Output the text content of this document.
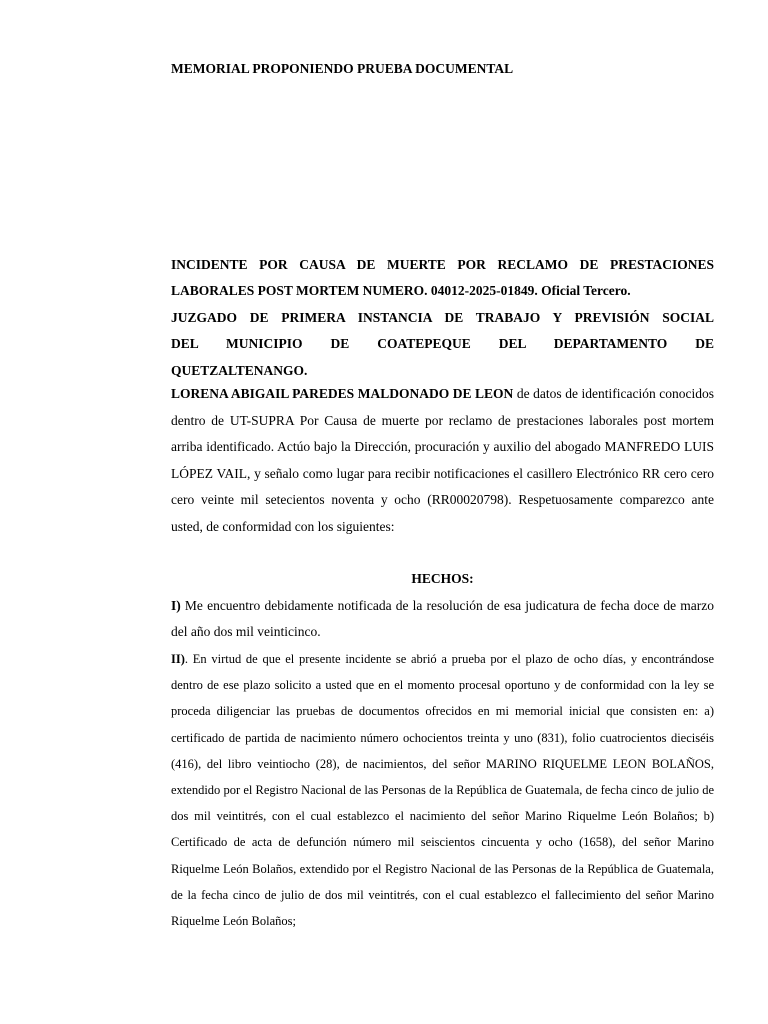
MEMORIAL PROPONIENDO PRUEBA DOCUMENTAL

INCIDENTE POR CAUSA DE MUERTE POR RECLAMO DE PRESTACIONES
LABORALES POST MORTEM NUMERO. 04012-2025-01849. Oficial Tercero.
JUZGADO DE PRIMERA INSTANCIA DE TRABAJO Y PREVISIÓN SOCIAL
DEL MUNICIPIO DE COATEPEQUE DEL DEPARTAMENTO DE
QUETZALTENANGO.

LORENA ABIGAIL PAREDES MALDONADO DE LEON de datos de identificación conocidos dentro de UT-SUPRA Por Causa de muerte por reclamo de prestaciones laborales post mortem arriba identificado. Actúo bajo la Dirección, procuración y auxilio del abogado MANFREDO LUIS LÓPEZ VAIL, y señalo como lugar para recibir notificaciones el casillero Electrónico RR cero cero cero veinte mil setecientos noventa y ocho (RR00020798). Respetuosamente comparezco ante usted, de conformidad con los siguientes:

HECHOS:

I) Me encuentro debidamente notificada de la resolución de esa judicatura de fecha doce de marzo del año dos mil veinticinco.

II). En virtud de que el presente incidente se abrió a prueba por el plazo de ocho días, y encontrándose dentro de ese plazo solicito a usted que en el momento procesal oportuno y de conformidad con la ley se proceda diligenciar las pruebas de documentos ofrecidos en mi memorial inicial que consisten en: a) certificado de partida de nacimiento número ochocientos treinta y uno (831), folio cuatrocientos dieciséis (416), del libro veintiocho (28), de nacimientos, del señor MARINO RIQUELME LEON BOLAÑOS, extendido por el Registro Nacional de las Personas de la República de Guatemala, de fecha cinco de julio de dos mil veintitrés, con el cual establezco el nacimiento del señor Marino Riquelme León Bolaños; b) Certificado de acta de defunción número mil seiscientos cincuenta y ocho (1658), del señor Marino Riquelme León Bolaños, extendido por el Registro Nacional de las Personas de la República de Guatemala, de la fecha cinco de julio de dos mil veintitrés, con el cual establezco el fallecimiento del señor Marino Riquelme León Bolaños;
